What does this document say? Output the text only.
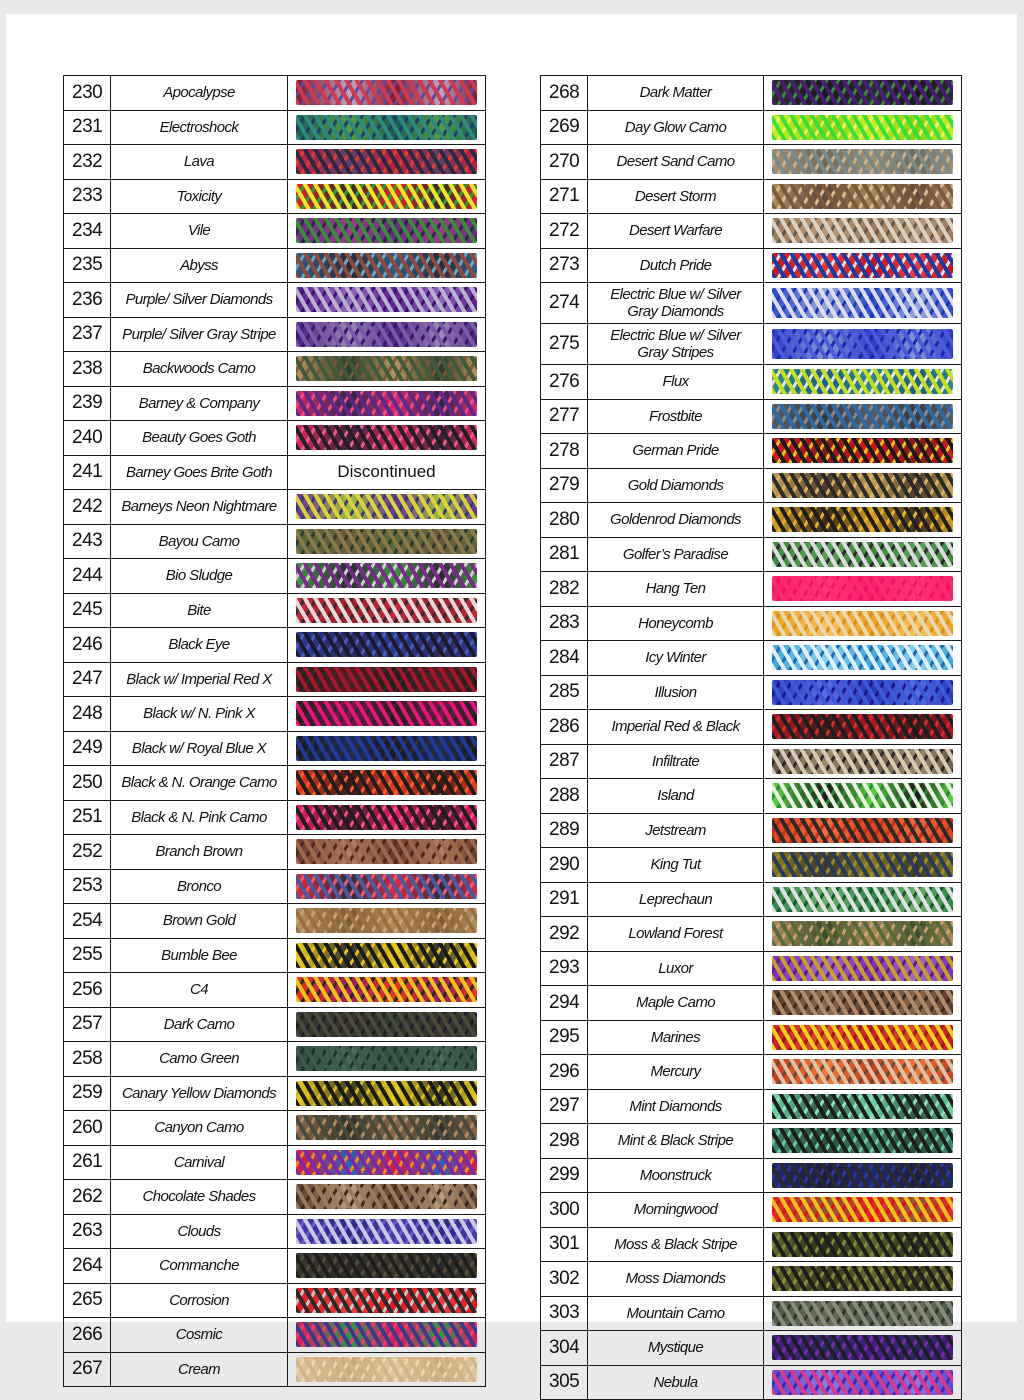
230	Apocalypse	

231	Electroshock	

232	Lava	

233	Toxicity	

234	Vile	

235	Abyss	

236	Purple/ Silver Diamonds	

237	Purple/ Silver Gray Stripe	

238	Backwoods Camo	

239	Barney & Company	

240	Beauty Goes Goth	

241	Barney Goes Brite Goth	Discontinued

242	Barneys Neon Nightmare	

243	Bayou Camo	

244	Bio Sludge	

245	Bite	

246	Black Eye	

247	Black w/ Imperial Red X	

248	Black w/ N. Pink X	

249	Black w/ Royal Blue X	

250	Black & N. Orange Camo	

251	Black & N. Pink Camo	

252	Branch Brown	

253	Bronco	

254	Brown Gold	

255	Bumble Bee	

256	C4	

257	Dark Camo	

258	Camo Green	

259	Canary Yellow Diamonds	

260	Canyon Camo	

261	Carnival	

262	Chocolate Shades	

263	Clouds	

264	Commanche	

265	Corrosion	

266	Cosmic	

267	Cream	
268	Dark Matter	

269	Day Glow Camo	

270	Desert Sand Camo	

271	Desert Storm	

272	Desert Warfare	

273	Dutch Pride	

274	Electric Blue w/ Silver
Gray Diamonds	

275	Electric Blue w/ Silver
Gray Stripes	

276	Flux	

277	Frostbite	

278	German Pride	

279	Gold Diamonds	

280	Goldenrod Diamonds	

281	Golfer’s Paradise	

282	Hang Ten	

283	Honeycomb	

284	Icy Winter	

285	Illusion	

286	Imperial Red & Black	

287	Infiltrate	

288	Island	

289	Jetstream	

290	King Tut	

291	Leprechaun	

292	Lowland Forest	

293	Luxor	

294	Maple Camo	

295	Marines	

296	Mercury	

297	Mint Diamonds	

298	Mint & Black Stripe	

299	Moonstruck	

300	Morningwood	

301	Moss & Black Stripe	

302	Moss Diamonds	

303	Mountain Camo	

304	Mystique	

305	Nebula	
